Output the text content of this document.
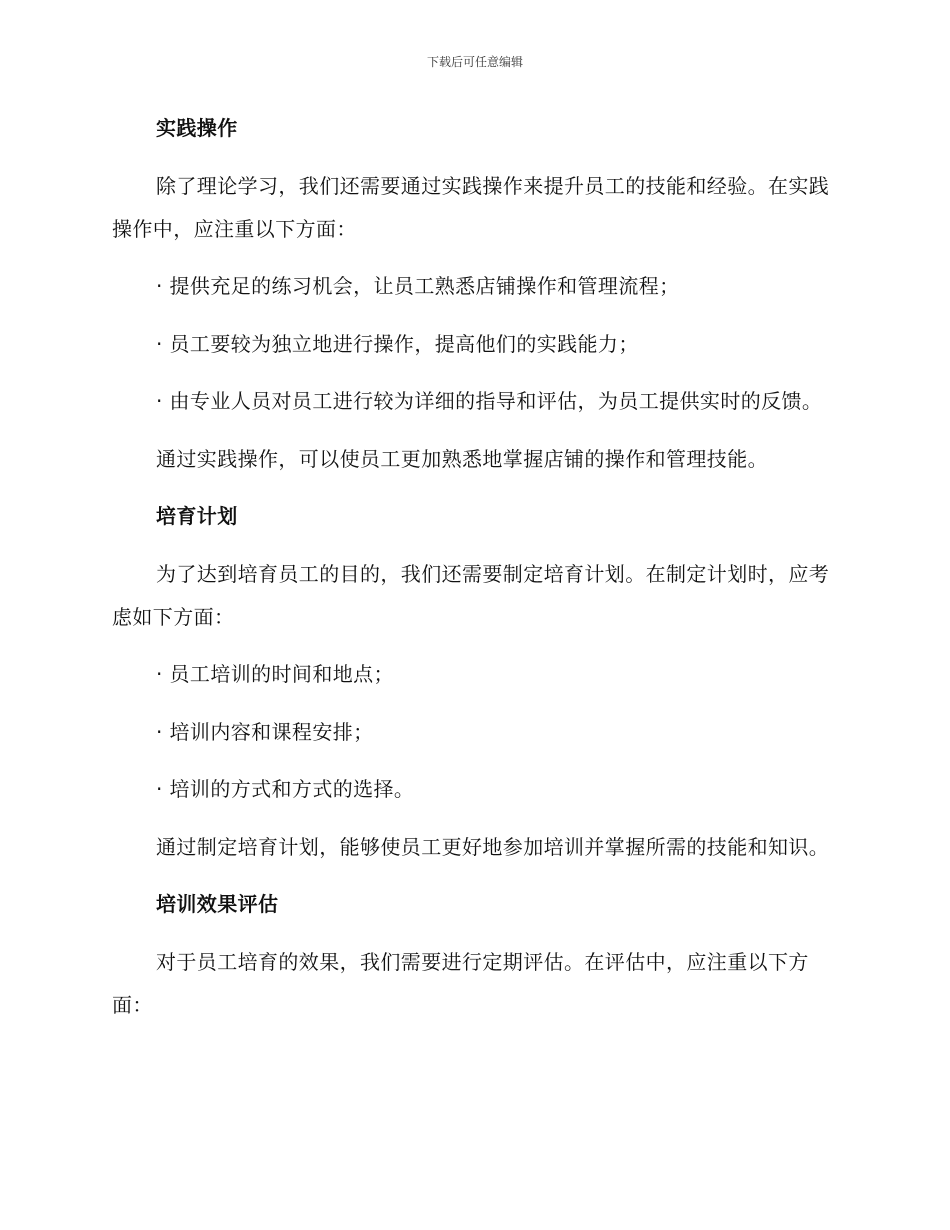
下载后可任意编辑
实践操作
除了理论学习，我们还需要通过实践操作来提升员工的技能和经验。在实践操作中，应注重以下方面：
· 提供充足的练习机会，让员工熟悉店铺操作和管理流程；
· 员工要较为独立地进行操作，提高他们的实践能力；
· 由专业人员对员工进行较为详细的指导和评估，为员工提供实时的反馈。
通过实践操作，可以使员工更加熟悉地掌握店铺的操作和管理技能。
培育计划
为了达到培育员工的目的，我们还需要制定培育计划。在制定计划时，应考虑如下方面：
· 员工培训的时间和地点；
· 培训内容和课程安排；
· 培训的方式和方式的选择。
通过制定培育计划，能够使员工更好地参加培训并掌握所需的技能和知识。
培训效果评估
对于员工培育的效果，我们需要进行定期评估。在评估中，应注重以下方面：
